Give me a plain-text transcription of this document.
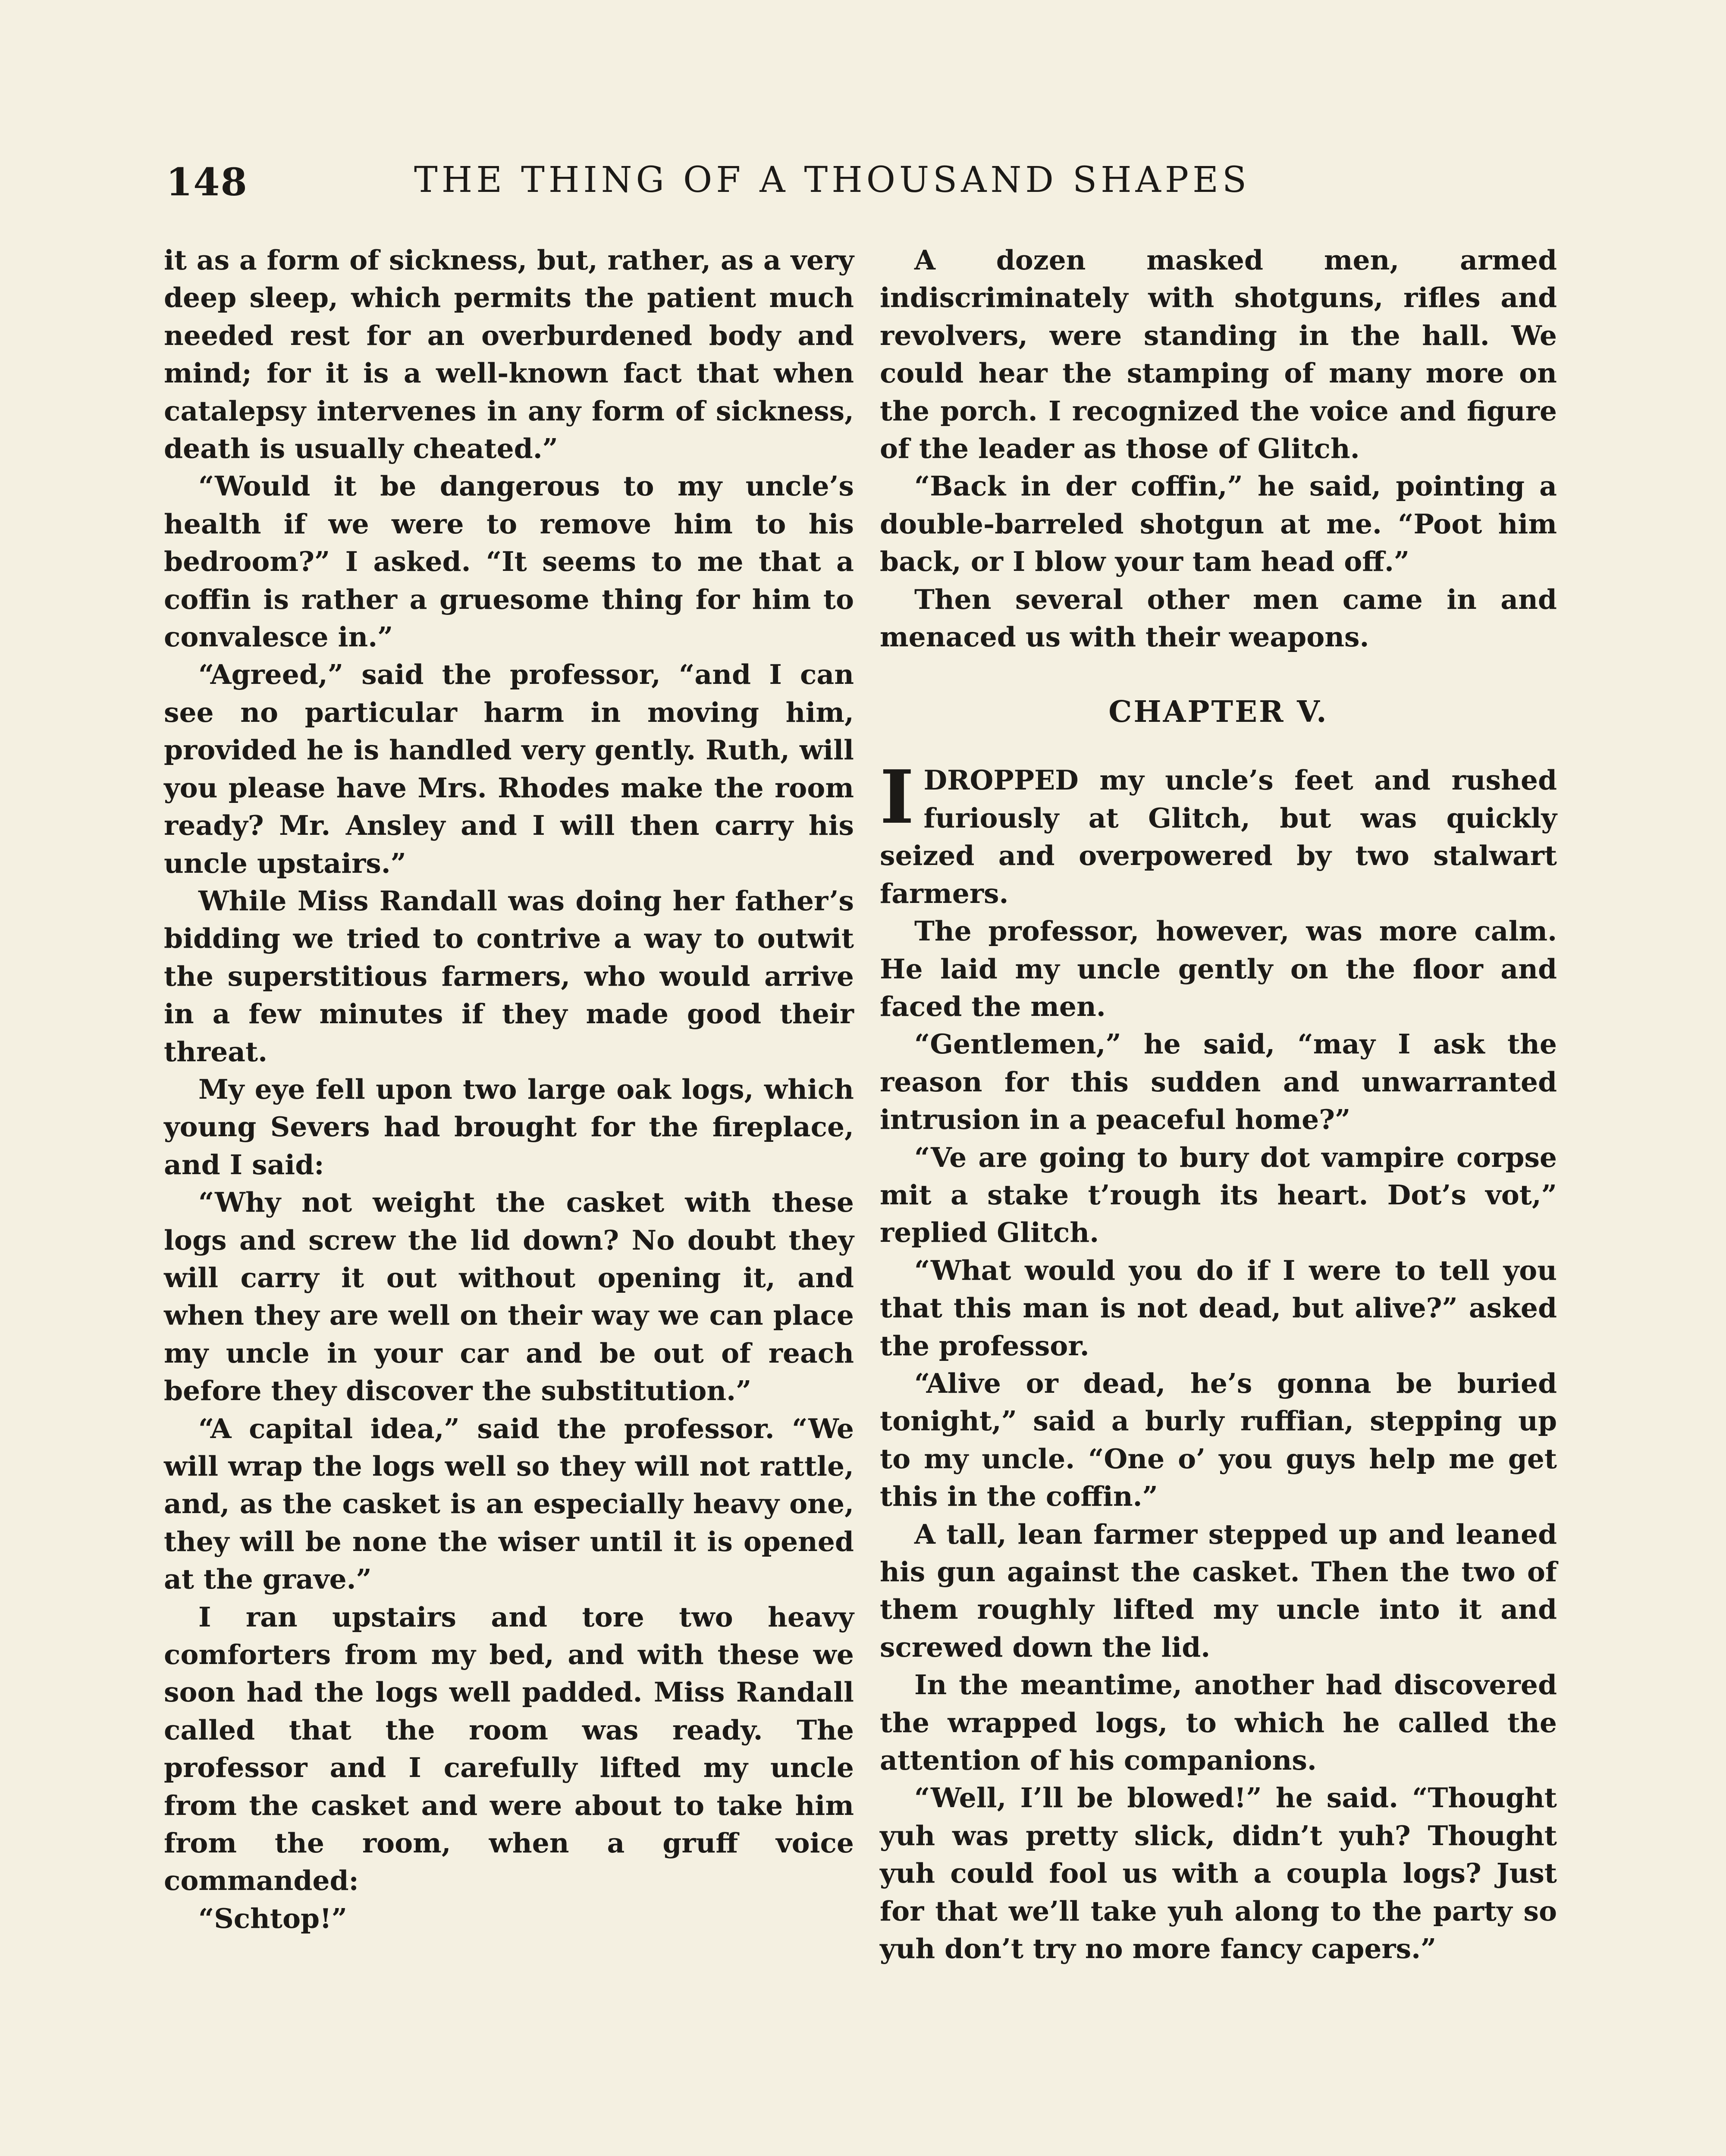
148	THE THING OF A THOUSAND SHAPES

it as a form of sickness, but, rather, as a very deep sleep, which permits the patient much needed rest for an overburdened body and mind; for it is a well-known fact that when catalepsy intervenes in any form of sickness, death is usually cheated.”

“Would it be dangerous to my uncle’s health if we were to remove him to his bedroom?” I asked. “It seems to me that a coffin is rather a gruesome thing for him to convalesce in.”

“Agreed,” said the professor, “and I can see no particular harm in moving him, provided he is handled very gently. Ruth, will you please have Mrs. Rhodes make the room ready? Mr. Ansley and I will then carry his uncle upstairs.”

While Miss Randall was doing her father’s bidding we tried to contrive a way to outwit the superstitious farmers, who would arrive in a few minutes if they made good their threat.

My eye fell upon two large oak logs, which young Severs had brought for the fireplace, and I said:

“Why not weight the casket with these logs and screw the lid down? No doubt they will carry it out without opening it, and when they are well on their way we can place my uncle in your car and be out of reach before they discover the substitution.”

“A capital idea,” said the professor. “We will wrap the logs well so they will not rattle, and, as the casket is an especially heavy one, they will be none the wiser until it is opened at the grave.”

I ran upstairs and tore two heavy comforters from my bed, and with these we soon had the logs well padded. Miss Randall called that the room was ready. The professor and I carefully lifted my uncle from the casket and were about to take him from the room, when a gruff voice commanded:

“Schtop!”

A dozen masked men, armed indiscriminately with shotguns, rifles and revolvers, were standing in the hall. We could hear the stamping of many more on the porch. I recognized the voice and figure of the leader as those of Glitch.

“Back in der coffin,” he said, pointing a double-barreled shotgun at me. “Poot him back, or I blow your tam head off.”

Then several other men came in and menaced us with their weapons.

CHAPTER V.

IDROPPED my uncle’s feet and rushed furiously at Glitch, but was quickly seized and overpowered by two stalwart farmers.

The professor, however, was more calm. He laid my uncle gently on the floor and faced the men.

“Gentlemen,” he said, “may I ask the reason for this sudden and unwarranted intrusion in a peaceful home?”

“Ve are going to bury dot vampire corpse mit a stake t’rough its heart. Dot’s vot,” replied Glitch.

“What would you do if I were to tell you that this man is not dead, but alive?” asked the professor.

“Alive or dead, he’s gonna be buried tonight,” said a burly ruffian, stepping up to my uncle. “One o’ you guys help me get this in the coffin.”

A tall, lean farmer stepped up and leaned his gun against the casket. Then the two of them roughly lifted my uncle into it and screwed down the lid.

In the meantime, another had discovered the wrapped logs, to which he called the attention of his companions.

“Well, I’ll be blowed!” he said. “Thought yuh was pretty slick, didn’t yuh? Thought yuh could fool us with a coupla logs? Just for that we’ll take yuh along to the party so yuh don’t try no more fancy capers.”
